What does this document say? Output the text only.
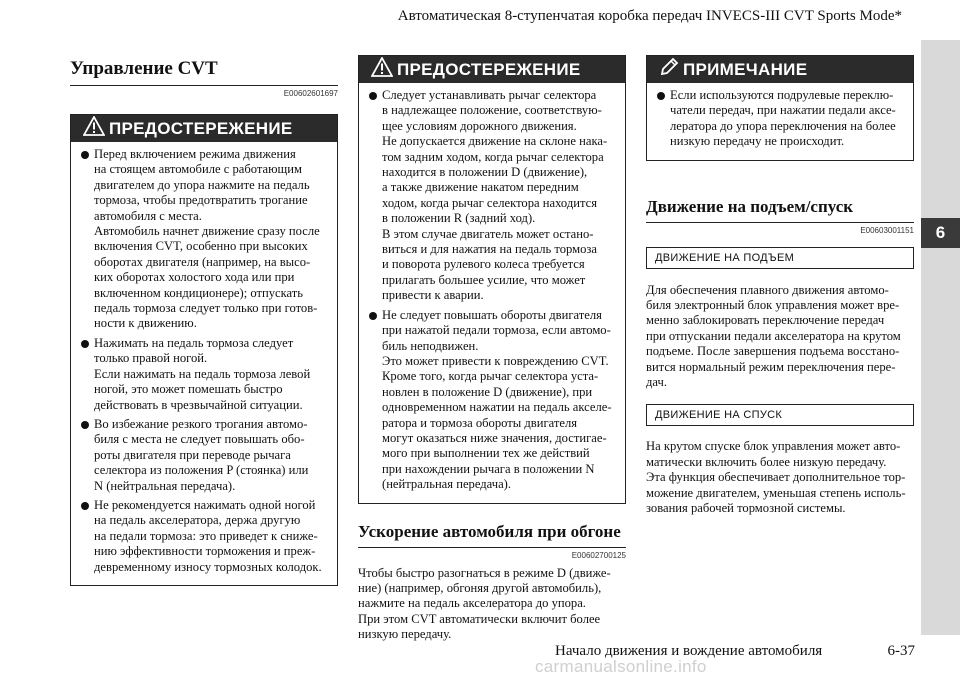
Автоматическая 8-ступенчатая коробка передач INVECS-III CVT Sports Mode*
6
Управление CVT
E00602601697
ПРЕДОСТЕРЕЖЕНИЕ
Перед включением режима движения
на стоящем автомобиле с работающим
двигателем до упора нажмите на педаль
тормоза, чтобы предотвратить трогание
автомобиля с места.
Автомобиль начнет движение сразу после
включения CVT, особенно при высоких
оборотах двигателя (например, на высо-
ких оборотах холостого хода или при
включенном кондиционере); отпускать
педаль тормоза следует только при готов-
ности к движению.
Нажимать на педаль тормоза следует
только правой ногой.
Если нажимать на педаль тормоза левой
ногой, это может помешать быстро
действовать в чрезвычайной ситуации.
Во избежание резкого трогания автомо-
биля с места не следует повышать обо-
роты двигателя при переводе рычага
селектора из положения P (стоянка) или
N (нейтральная передача).
Не рекомендуется нажимать одной ногой
на педаль акселератора, держа другую
на педали тормоза: это приведет к сниже-
нию эффективности торможения и преж-
девременному износу тормозных колодок.
ПРЕДОСТЕРЕЖЕНИЕ
Следует устанавливать рычаг селектора
в надлежащее положение, соответствую-
щее условиям дорожного движения.
Не допускается движение на склоне нака-
том задним ходом, когда рычаг селектора
находится в положении D (движение),
а также движение накатом передним
ходом, когда рычаг селектора находится
в положении R (задний ход).
В этом случае двигатель может остано-
виться и для нажатия на педаль тормоза
и поворота рулевого колеса требуется
прилагать большее усилие, что может
привести к аварии.
Не следует повышать обороты двигателя
при нажатой педали тормоза, если автомо-
биль неподвижен.
Это может привести к повреждению CVT.
Кроме того, когда рычаг селектора уста-
новлен в положение D (движение), при
одновременном нажатии на педаль акселе-
ратора и тормоза обороты двигателя
могут оказаться ниже значения, достигае-
мого при выполнении тех же действий
при нахождении рычага в положении N
(нейтральная передача).
Ускорение автомобиля при обгоне
E00602700125
Чтобы быстро разогнаться в режиме D (движе-
ние) (например, обгоняя другой автомобиль),
нажмите на педаль акселератора до упора.
При этом CVT автоматически включит более
низкую передачу.
ПРИМЕЧАНИЕ
Если используются подрулевые переклю-
чатели передач, при нажатии педали аксе-
лератора до упора переключения на более
низкую передачу не происходит.
Движение на подъем/спуск
E00603001151
ДВИЖЕНИЕ НА ПОДЪЕМ
Для обеспечения плавного движения автомо-
биля электронный блок управления может вре-
менно заблокировать переключение передач
при отпускании педали акселератора на крутом
подъеме. После завершения подъема восстано-
вится нормальный режим переключения пере-
дач.
ДВИЖЕНИЕ НА СПУСК
На крутом спуске блок управления может авто-
матически включить более низкую передачу.
Эта функция обеспечивает дополнительное тор-
можение двигателем, уменьшая степень исполь-
зования рабочей тормозной системы.
Начало движения и вождение автомобиля	6-37
carmanualsonline.info
